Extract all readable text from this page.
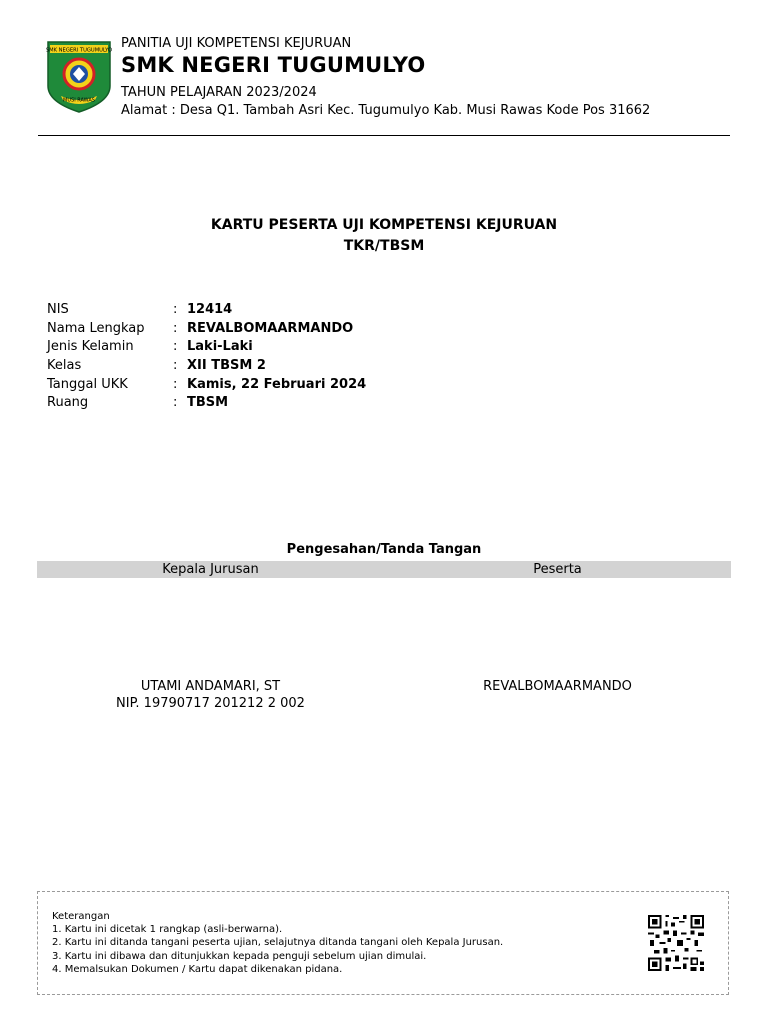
SMK NEGERI TUGUMULYO
MUSI RAWAS
PANITIA UJI KOMPETENSI KEJURUAN
SMK NEGERI TUGUMULYO
TAHUN PELAJARAN 2023/2024
Alamat : Desa Q1. Tambah Asri Kec. Tugumulyo Kab. Musi Rawas Kode Pos 31662
KARTU PESERTA UJI KOMPETENSI KEJURUAN
TKR/TBSM
NIS	: 12414
Nama Lengkap : REVALBOMAARMANDO
Jenis Kelamin	: Laki-Laki
Kelas	: XII TBSM 2
Tanggal UKK	: Kamis, 22 Februari 2024
Ruang	: TBSM
Pengesahan/Tanda Tangan
Kepala Jurusan	Peserta
UTAMI ANDAMARI, ST
NIP. 19790717 201212 2 002
REVALBOMAARMANDO
Keterangan
1. Kartu ini dicetak 1 rangkap (asli-berwarna).
2. Kartu ini ditanda tangani peserta ujian, selajutnya ditanda tangani oleh Kepala Jurusan.
3. Kartu ini dibawa dan ditunjukkan kepada penguji sebelum ujian dimulai.
4. Memalsukan Dokumen / Kartu dapat dikenakan pidana.
